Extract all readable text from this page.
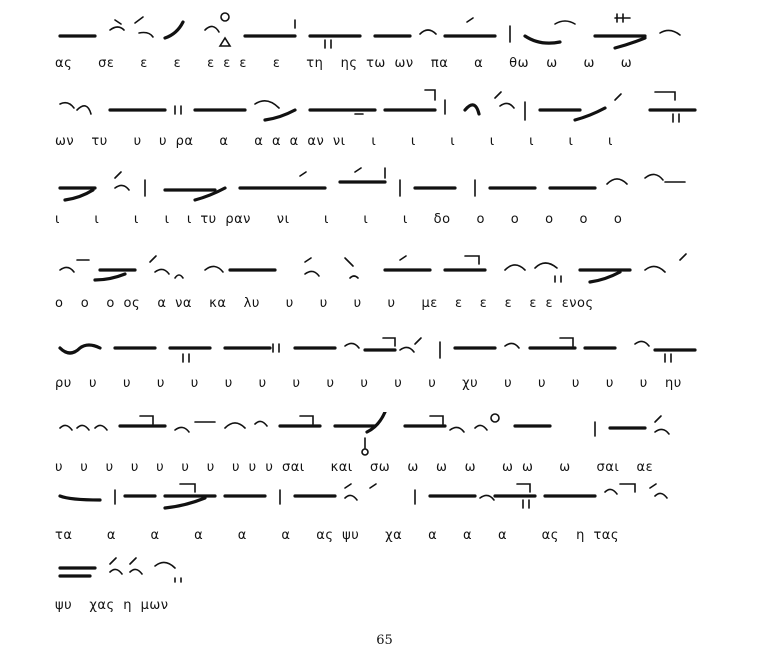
ας   σε   ε   ε   ε ε ε   ε   τη  ης τω ων  πα   α   θω  ω   ω   ω
ων  τυ   υ  υ ρα   α   α α α αν νι   ι    ι    ι    ι    ι    ι    ι
ι    ι    ι   ι  ι τυ ραν   νι    ι    ι    ι   δο   ο   ο   ο   ο   ο
ο  ο  ο ος  α να  κα  λυ   υ   υ   υ   υ   με  ε  ε  ε  ε ε ενος
ρυ  υ   υ   υ   υ   υ   υ   υ   υ   υ   υ   υ   χυ   υ   υ   υ   υ   υ  ηυ
υ  υ  υ  υ  υ  υ  υ  υ υ υ σαι   και  σω  ω  ω  ω   ω ω   ω   σαι  αε
τα    α    α    α    α    α   ας ψυ   χα   α   α   α    ας  η τας
ψυ  χας η μων
65
